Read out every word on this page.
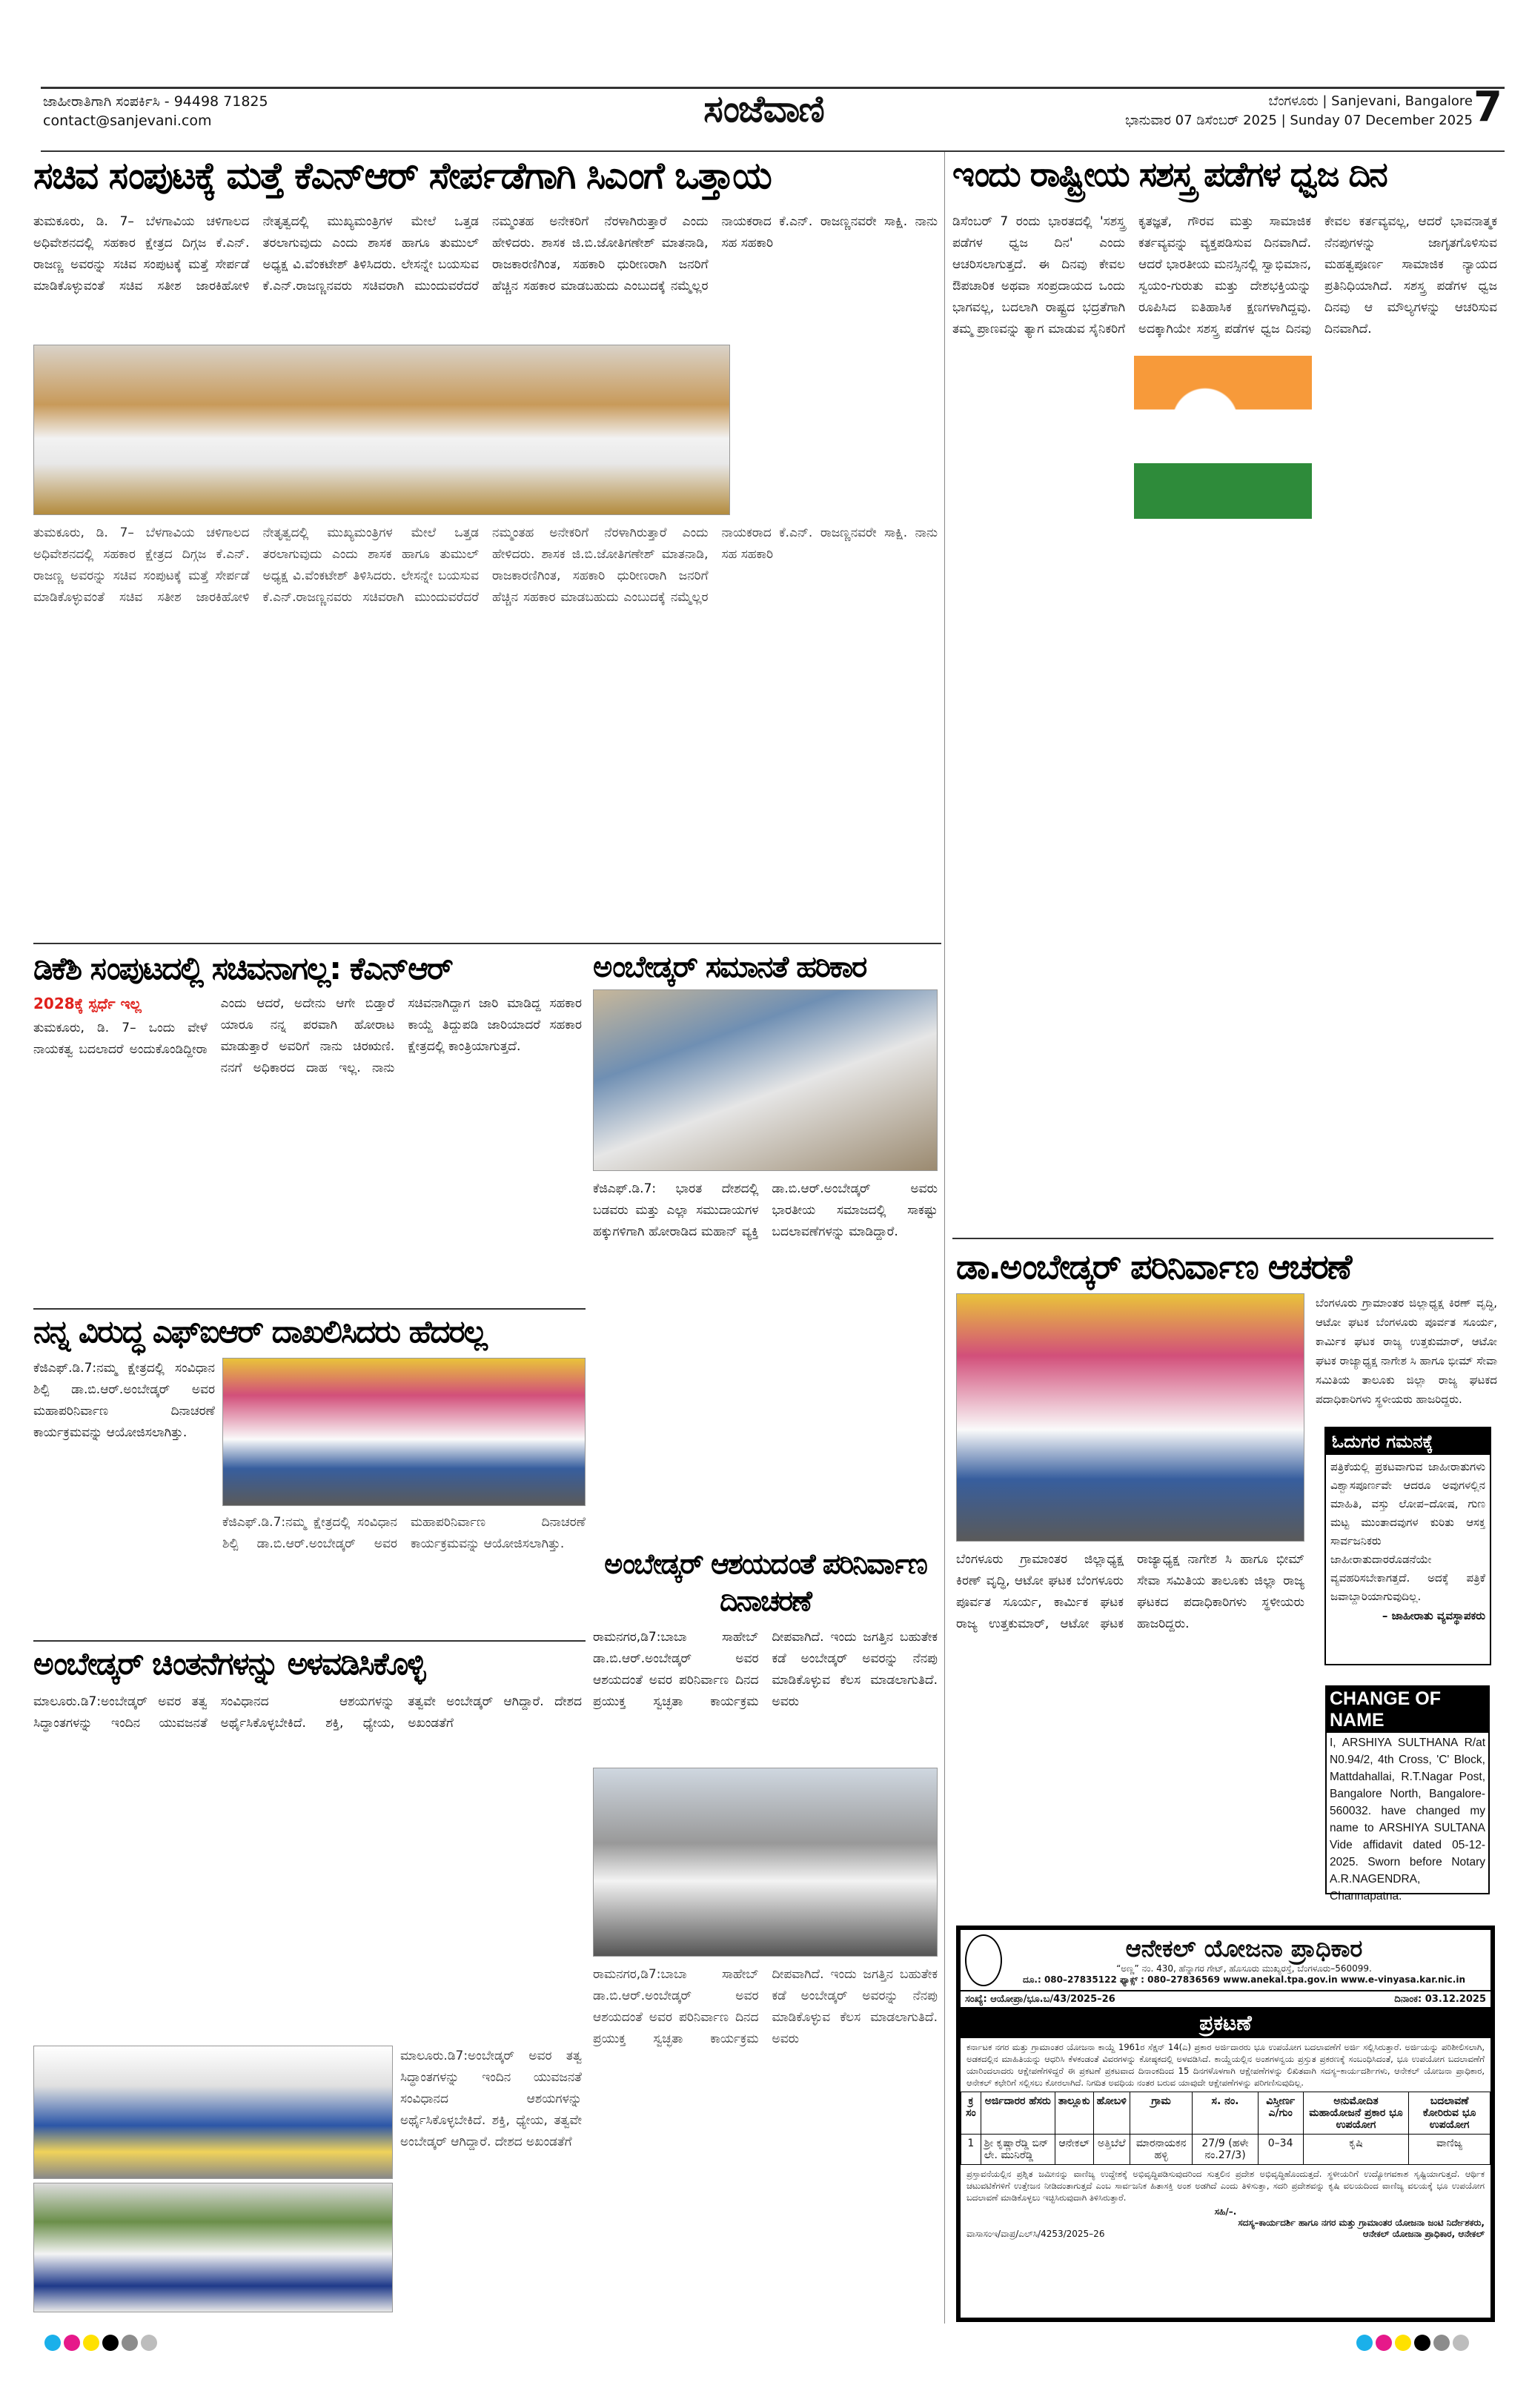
ಜಾಹೀರಾತಿಗಾಗಿ ಸಂಪರ್ಕಿಸಿ - 94498 71825
contact@sanjevani.com	ಸಂಜೆವಾಣಿ	ಬೆಂಗಳೂರು | Sanjevani, Bangalore
ಭಾನುವಾರ 07 ಡಿಸೆಂಬರ್ 2025 | Sunday 07 December 2025 7
ಸಚಿವ ಸಂಪುಟಕ್ಕೆ ಮತ್ತೆ ಕೆಎನ್‌ಆರ್ ಸೇರ್ಪಡೆಗಾಗಿ ಸಿಎಂಗೆ ಒತ್ತಾಯ
ತುಮಕೂರು, ಡಿ. 7– ಬೆಳಗಾವಿಯ ಚಳಿಗಾಲದ ಅಧಿವೇಶನದಲ್ಲಿ ಸಹಕಾರ ಕ್ಷೇತ್ರದ ದಿಗ್ಗಜ ಕೆ.ಎನ್. ರಾಜಣ್ಣ ಅವರನ್ನು ಸಚಿವ ಸಂಪುಟಕ್ಕೆ ಮತ್ತೆ ಸೇರ್ಪಡೆ ಮಾಡಿಕೊಳ್ಳುವಂತೆ ಸಚಿವ ಸತೀಶ ಜಾರಕಿಹೋಳಿ ನೇತೃತ್ವದಲ್ಲಿ ಮುಖ್ಯಮಂತ್ರಿಗಳ ಮೇಲೆ ಒತ್ತಡ ತರಲಾಗುವುದು ಎಂದು ಶಾಸಕ ಹಾಗೂ ತುಮುಲ್ ಅಧ್ಯಕ್ಷ ವಿ.ವೆಂಕಟೇಶ್ ತಿಳಿಸಿದರು. ಲೇಸನ್ನೇ ಬಯಸುವ ಕೆ.ಎನ್.ರಾಜಣ್ಣನವರು ಸಚಿವರಾಗಿ ಮುಂದುವರೆದರೆ ನಮ್ಮಂತಹ ಅನೇಕರಿಗೆ ನೆರಳಾಗಿರುತ್ತಾರೆ ಎಂದು ಹೇಳಿದರು. ಶಾಸಕ ಜಿ.ಬಿ.ಜೋತಿಗಣೇಶ್ ಮಾತನಾಡಿ, ರಾಜಕಾರಣಿಗಿಂತ, ಸಹಕಾರಿ ಧುರೀಣರಾಗಿ ಜನರಿಗೆ ಹೆಚ್ಚಿನ ಸಹಕಾರ ಮಾಡಬಹುದು ಎಂಬುದಕ್ಕೆ ನಮ್ಮೆಲ್ಲರ ನಾಯಕರಾದ ಕೆ.ಎನ್. ರಾಜಣ್ಣನವರೇ ಸಾಕ್ಷಿ. ನಾನು ಸಹ ಸಹಕಾರಿ
ತುಮಕೂರು, ಡಿ. 7– ಬೆಳಗಾವಿಯ ಚಳಿಗಾಲದ ಅಧಿವೇಶನದಲ್ಲಿ ಸಹಕಾರ ಕ್ಷೇತ್ರದ ದಿಗ್ಗಜ ಕೆ.ಎನ್. ರಾಜಣ್ಣ ಅವರನ್ನು ಸಚಿವ ಸಂಪುಟಕ್ಕೆ ಮತ್ತೆ ಸೇರ್ಪಡೆ ಮಾಡಿಕೊಳ್ಳುವಂತೆ ಸಚಿವ ಸತೀಶ ಜಾರಕಿಹೋಳಿ ನೇತೃತ್ವದಲ್ಲಿ ಮುಖ್ಯಮಂತ್ರಿಗಳ ಮೇಲೆ ಒತ್ತಡ ತರಲಾಗುವುದು ಎಂದು ಶಾಸಕ ಹಾಗೂ ತುಮುಲ್ ಅಧ್ಯಕ್ಷ ವಿ.ವೆಂಕಟೇಶ್ ತಿಳಿಸಿದರು. ಲೇಸನ್ನೇ ಬಯಸುವ ಕೆ.ಎನ್.ರಾಜಣ್ಣನವರು ಸಚಿವರಾಗಿ ಮುಂದುವರೆದರೆ ನಮ್ಮಂತಹ ಅನೇಕರಿಗೆ ನೆರಳಾಗಿರುತ್ತಾರೆ ಎಂದು ಹೇಳಿದರು. ಶಾಸಕ ಜಿ.ಬಿ.ಜೋತಿಗಣೇಶ್ ಮಾತನಾಡಿ, ರಾಜಕಾರಣಿಗಿಂತ, ಸಹಕಾರಿ ಧುರೀಣರಾಗಿ ಜನರಿಗೆ ಹೆಚ್ಚಿನ ಸಹಕಾರ ಮಾಡಬಹುದು ಎಂಬುದಕ್ಕೆ ನಮ್ಮೆಲ್ಲರ ನಾಯಕರಾದ ಕೆ.ಎನ್. ರಾಜಣ್ಣನವರೇ ಸಾಕ್ಷಿ. ನಾನು ಸಹ ಸಹಕಾರಿ
ಡಿಕೆಶಿ ಸಂಪುಟದಲ್ಲಿ ಸಚಿವನಾಗಲ್ಲ: ಕೆಎನ್‌ಆರ್
2028ಕ್ಕೆ ಸ್ಪರ್ಧೆ ಇಲ್ಲ
ತುಮಕೂರು, ಡಿ. 7– ಒಂದು ವೇಳೆ ನಾಯಕತ್ವ ಬದಲಾದರೆ ಅಂದುಕೊಂಡಿದ್ದೀರಾ ಎಂದು ಆದರೆ, ಅದೇನು ಆಗೇ ಬಿಡ್ತಾರೆ ಯಾರೂ ನನ್ನ ಪರವಾಗಿ ಹೋರಾಟ ಮಾಡುತ್ತಾರೆ ಅವರಿಗೆ ನಾನು ಚಿರಋಣಿ. ನನಗೆ ಅಧಿಕಾರದ ದಾಹ ಇಲ್ಲ. ನಾನು ಸಚಿವನಾಗಿದ್ದಾಗ ಜಾರಿ ಮಾಡಿದ್ದ ಸಹಕಾರ ಕಾಯ್ದೆ ತಿದ್ದುಪಡಿ ಜಾರಿಯಾದರೆ ಸಹಕಾರ ಕ್ಷೇತ್ರದಲ್ಲಿ ಕಾಂತ್ರಿಯಾಗುತ್ತದೆ.
ನನ್ನ ವಿರುದ್ಧ ಎಫ್‌ಐಆರ್ ದಾಖಲಿಸಿದರು ಹೆದರಲ್ಲ
ಕೆಜಿಎಫ್.ಡಿ.7:ನಮ್ಮ ಕ್ಷೇತ್ರದಲ್ಲಿ ಸಂವಿಧಾನ ಶಿಲ್ಪಿ ಡಾ.ಬಿ.ಆರ್.ಅಂಬೇಡ್ಕರ್ ಅವರ ಮಹಾಪರಿನಿರ್ವಾಣ ದಿನಾಚರಣೆ ಕಾರ್ಯಕ್ರಮವನ್ನು ಆಯೋಜಿಸಲಾಗಿತ್ತು.
ಕೆಜಿಎಫ್.ಡಿ.7:ನಮ್ಮ ಕ್ಷೇತ್ರದಲ್ಲಿ ಸಂವಿಧಾನ ಶಿಲ್ಪಿ ಡಾ.ಬಿ.ಆರ್.ಅಂಬೇಡ್ಕರ್ ಅವರ ಮಹಾಪರಿನಿರ್ವಾಣ ದಿನಾಚರಣೆ ಕಾರ್ಯಕ್ರಮವನ್ನು ಆಯೋಜಿಸಲಾಗಿತ್ತು.
ಅಂಬೇಡ್ಕರ್ ಚಿಂತನೆಗಳನ್ನು ಅಳವಡಿಸಿಕೊಳ್ಳಿ
ಮಾಲೂರು.ಡಿ7:ಅಂಬೇಡ್ಕರ್ ಅವರ ತತ್ವ ಸಿದ್ಧಾಂತಗಳನ್ನು ಇಂದಿನ ಯುವಜನತೆ ಸಂವಿಧಾನದ ಆಶಯಗಳನ್ನು ಅರ್ಥೈಸಿಕೊಳ್ಳಬೇಕಿದೆ. ಶಕ್ತಿ, ಧ್ಯೇಯ, ತತ್ವವೇ ಅಂಬೇಡ್ಕರ್ ಆಗಿದ್ದಾರೆ. ದೇಶದ ಅಖಂಡತೆಗೆ
ಮಾಲೂರು.ಡಿ7:ಅಂಬೇಡ್ಕರ್ ಅವರ ತತ್ವ ಸಿದ್ಧಾಂತಗಳನ್ನು ಇಂದಿನ ಯುವಜನತೆ ಸಂವಿಧಾನದ ಆಶಯಗಳನ್ನು ಅರ್ಥೈಸಿಕೊಳ್ಳಬೇಕಿದೆ. ಶಕ್ತಿ, ಧ್ಯೇಯ, ತತ್ವವೇ ಅಂಬೇಡ್ಕರ್ ಆಗಿದ್ದಾರೆ. ದೇಶದ ಅಖಂಡತೆಗೆ
ಅಂಬೇಡ್ಕರ್ ಸಮಾನತೆ ಹರಿಕಾರ
ಕೆಜಿಎಫ್.ಡಿ.7: ಭಾರತ ದೇಶದಲ್ಲಿ ಬಡವರು ಮತ್ತು ಎಲ್ಲಾ ಸಮುದಾಯಗಳ ಹಕ್ಕುಗಳಿಗಾಗಿ ಹೋರಾಡಿದ ಮಹಾನ್ ವ್ಯಕ್ತಿ ಡಾ.ಬಿ.ಆರ್.ಅಂಬೇಡ್ಕರ್ ಅವರು ಭಾರತೀಯ ಸಮಾಜದಲ್ಲಿ ಸಾಕಷ್ಟು ಬದಲಾವಣೆಗಳನ್ನು ಮಾಡಿದ್ದಾರೆ.
ಅಂಬೇಡ್ಕರ್ ಆಶಯದಂತೆ ಪರಿನಿರ್ವಾಣ ದಿನಾಚರಣೆ
ರಾಮನಗರ,ಡಿ7:ಬಾಬಾ ಸಾಹೇಬ್ ಡಾ.ಬಿ.ಆರ್.ಅಂಬೇಡ್ಕರ್ ಅವರ ಆಶಯದಂತೆ ಅವರ ಪರಿನಿರ್ವಾಣ ದಿನದ ಪ್ರಯುಕ್ತ ಸ್ವಚ್ಛತಾ ಕಾರ್ಯಕ್ರಮ ದೀಪವಾಗಿದೆ. ಇಂದು ಜಗತ್ತಿನ ಬಹುತೇಕ ಕಡೆ ಅಂಬೇಡ್ಕರ್ ಅವರನ್ನು ನೆನಪು ಮಾಡಿಕೊಳ್ಳುವ ಕೆಲಸ ಮಾಡಲಾಗುತಿದೆ. ಅವರು
ರಾಮನಗರ,ಡಿ7:ಬಾಬಾ ಸಾಹೇಬ್ ಡಾ.ಬಿ.ಆರ್.ಅಂಬೇಡ್ಕರ್ ಅವರ ಆಶಯದಂತೆ ಅವರ ಪರಿನಿರ್ವಾಣ ದಿನದ ಪ್ರಯುಕ್ತ ಸ್ವಚ್ಛತಾ ಕಾರ್ಯಕ್ರಮ ದೀಪವಾಗಿದೆ. ಇಂದು ಜಗತ್ತಿನ ಬಹುತೇಕ ಕಡೆ ಅಂಬೇಡ್ಕರ್ ಅವರನ್ನು ನೆನಪು ಮಾಡಿಕೊಳ್ಳುವ ಕೆಲಸ ಮಾಡಲಾಗುತಿದೆ. ಅವರು
ಇಂದು ರಾಷ್ಟ್ರೀಯ ಸಶಸ್ತ್ರ ಪಡೆಗಳ ಧ್ವಜ ದಿನ
ಡಿಸೆಂಬರ್ 7 ರಂದು ಭಾರತದಲ್ಲಿ 'ಸಶಸ್ತ್ರ ಪಡೆಗಳ ಧ್ವಜ ದಿನ' ಎಂದು ಆಚರಿಸಲಾಗುತ್ತದೆ. ಈ ದಿನವು ಕೇವಲ ಔಪಚಾರಿಕ ಅಥವಾ ಸಂಪ್ರದಾಯದ ಒಂದು ಭಾಗವಲ್ಲ, ಬದಲಾಗಿ ರಾಷ್ಟ್ರದ ಭದ್ರತೆಗಾಗಿ ತಮ್ಮ ಪ್ರಾಣವನ್ನು ತ್ಯಾಗ ಮಾಡುವ ಸೈನಿಕರಿಗೆ ಕೃತಜ್ಞತೆ, ಗೌರವ ಮತ್ತು ಸಾಮಾಜಿಕ ಕರ್ತವ್ಯವನ್ನು ವ್ಯಕ್ತಪಡಿಸುವ ದಿನವಾಗಿದೆ. ಆದರೆ ಭಾರತೀಯ ಮನಸ್ಸಿನಲ್ಲಿ ಸ್ವಾಭಿಮಾನ, ಸ್ವಯಂ-ಗುರುತು ಮತ್ತು ದೇಶಭಕ್ತಿಯನ್ನು ರೂಪಿಸಿದ ಐತಿಹಾಸಿಕ ಕ್ಷಣಗಳಾಗಿದ್ದವು. ಅದಕ್ಕಾಗಿಯೇ ಸಶಸ್ತ್ರ ಪಡೆಗಳ ಧ್ವಜ ದಿನವು ಕೇವಲ ಕರ್ತವ್ಯವಲ್ಲ, ಆದರೆ ಭಾವನಾತ್ಮಕ ನೆನಪುಗಳನ್ನು ಜಾಗೃತಗೊಳಿಸುವ ಮಹತ್ವಪೂರ್ಣ ಸಾಮಾಜಿಕ ನ್ಯಾಯದ ಪ್ರತಿನಿಧಿಯಾಗಿದೆ. ಸಶಸ್ತ್ರ ಪಡೆಗಳ ಧ್ವಜ ದಿನವು ಆ ಮೌಲ್ಯಗಳನ್ನು ಆಚರಿಸುವ ದಿನವಾಗಿದೆ.
ಡಾ.ಅಂಬೇಡ್ಕರ್ ಪರಿನಿರ್ವಾಣ ಆಚರಣೆ
ಬೆಂಗಳೂರು ಗ್ರಾಮಾಂತರ ಜಿಲ್ಲಾಧ್ಯಕ್ಷ ಕಿರಣ್ ವೃದ್ಧಿ, ಆಟೋ ಘಟಕ ಬೆಂಗಳೂರು ಪೂರ್ವತ ಸೂರ್ಯ, ಕಾರ್ಮಿಕ ಘಟಕ ರಾಜ್ಯ ಉತ್ತಕುಮಾರ್, ಆಟೋ ಘಟಕ ರಾಜ್ಯಾಧ್ಯಕ್ಷ ನಾಗೇಶ ಸಿ ಹಾಗೂ ಭೀಮ್ ಸೇವಾ ಸಮಿತಿಯ ತಾಲೂಕು ಜಿಲ್ಲಾ ರಾಜ್ಯ ಘಟಕದ ಪದಾಧಿಕಾರಿಗಳು ಸ್ಥಳೀಯರು ಹಾಜರಿದ್ದರು.
ಬೆಂಗಳೂರು ಗ್ರಾಮಾಂತರ ಜಿಲ್ಲಾಧ್ಯಕ್ಷ ಕಿರಣ್ ವೃದ್ಧಿ, ಆಟೋ ಘಟಕ ಬೆಂಗಳೂರು ಪೂರ್ವತ ಸೂರ್ಯ, ಕಾರ್ಮಿಕ ಘಟಕ ರಾಜ್ಯ ಉತ್ತಕುಮಾರ್, ಆಟೋ ಘಟಕ ರಾಜ್ಯಾಧ್ಯಕ್ಷ ನಾಗೇಶ ಸಿ ಹಾಗೂ ಭೀಮ್ ಸೇವಾ ಸಮಿತಿಯ ತಾಲೂಕು ಜಿಲ್ಲಾ ರಾಜ್ಯ ಘಟಕದ ಪದಾಧಿಕಾರಿಗಳು ಸ್ಥಳೀಯರು ಹಾಜರಿದ್ದರು.
ಓದುಗರ ಗಮನಕ್ಕೆ
ಪತ್ರಿಕೆಯಲ್ಲಿ ಪ್ರಕಟವಾಗುವ ಜಾಹೀರಾತುಗಳು ವಿಶ್ವಾಸಪೂರ್ಣವೇ ಆದರೂ ಅವುಗಳಲ್ಲಿನ ಮಾಹಿತಿ, ವಸ್ತು ಲೋಪ–ದೋಷ, ಗುಣ ಮಟ್ಟ ಮುಂತಾದವುಗಳ ಕುರಿತು ಆಸಕ್ತ ಸಾರ್ವಜನಿಕರು ಜಾಹೀರಾತುದಾರರೊಡನೆಯೇ ವ್ಯವಹರಿಸಬೇಕಾಗತ್ತದೆ. ಅದಕ್ಕೆ ಪತ್ರಿಕೆ ಜವಾಬ್ದಾರಿಯಾಗುವುದಿಲ್ಲ.
– ಜಾಹೀರಾತು ವ್ಯವಸ್ಥಾಪಕರು
CHANGE OF NAME
I, ARSHIYA SULTHANA R/at N0.94/2, 4th Cross, 'C' Block, Mattdahallai, R.T.Nagar Post, Bangalore North, Bangalore-560032. have changed my name to ARSHIYA SULTANA Vide affidavit dated 05-12-2025. Sworn before Notary A.R.NAGENDRA, Channapatna.
ಆನೇಕಲ್ ಯೋಜನಾ ಪ್ರಾಧಿಕಾರ
“ಅಣ್ಣ” ನಂ. 430, ಹೆನ್ನಾಗರ ಗೇಟ್, ಹೊಸೂರು ಮುಖ್ಯರಸ್ತೆ, ಬೆಂಗಳೂರು–560099.
ದೂ.: 080–27835122 ಫ್ಯಾಕ್ಸ್ : 080–27836569 www.anekal.tpa.gov.in www.e-vinyasa.kar.nic.in
ಸಂಖ್ಯೆ: ಆಯೋಪ್ರಾ/ಭೂ.ಬ/43/2025–26	ದಿನಾಂಕ: 03.12.2025
ಪ್ರಕಟಣೆ
ಕರ್ನಾಟಕ ನಗರ ಮತ್ತು ಗ್ರಾಮಾಂತರ ಯೋಜನಾ ಕಾಯ್ದೆ 1961ರ ಸೆಕ್ಷನ್ 14(ಎ) ಪ್ರಕಾರ ಅರ್ಜಿದಾರರು ಭೂ ಉಪಯೋಗ ಬದಲಾವಣೆಗೆ ಅರ್ಜಿ ಸಲ್ಲಿಸಿರುತ್ತಾರೆ. ಅರ್ಜಿಯನ್ನು ಪರಿಶೀಲಿಸಲಾಗಿ, ಅಡಕದಲ್ಲಿನ ಮಾಹಿತಿಯನ್ನು ಆಧರಿಸಿ ಕೆಳಕಂಡಂತೆ ವಿವರಗಳನ್ನು ಕೋಷ್ಠಕದಲ್ಲಿ ಅಳವಡಿಸಿದೆ. ಕಾಯ್ದೆಯಲ್ಲಿನ ಅಂಶಗಳನ್ವಯ ಪ್ರಸ್ತುತ ಪ್ರಕರಣಕ್ಕೆ ಸಂಬಂಧಿಸಿದಂತೆ, ಭೂ ಉಪಯೋಗ ಬದಲಾವಣೆಗೆ ಯಾರಿಂದಲಾದರು ಆಕ್ಷೇಪಣೆಗಳಿದ್ದರೆ ಈ ಪ್ರಕಟಣೆ ಪ್ರಕಟವಾದ ದಿನಾಂಕದಿಂದ 15 ದಿನಗಳೊಳಗಾಗಿ ಆಕ್ಷೇಪಣೆಗಳನ್ನು ಲಿಖಿತವಾಗಿ ಸದಸ್ಯ–ಕಾರ್ಯದರ್ಶಿಗಳು, ಆನೇಕಲ್ ಯೋಜನಾ ಪ್ರಾಧಿಕಾರ, ಆನೇಕಲ್ ಕಛೇರಿಗೆ ಸಲ್ಲಿಸಲು ಕೋರಲಾಗಿದೆ. ನಿಗದಿತ ಅವಧಿಯ ನಂತರ ಬರುವ ಯಾವುದೇ ಆಕ್ಷೇಪಣೆಗಳನ್ನು ಪರಿಗಣಿಸುವುದಿಲ್ಲ.
ಕ್ರ ಸಂ	ಅರ್ಜಿದಾರರ ಹೆಸರು	ತಾಲ್ಲೂಕು	ಹೋಬಳಿ	ಗ್ರಾಮ	ಸ. ನಂ.	ವಿಸ್ತೀರ್ಣ ಎ/ಗುಂ	ಅನುಮೋದಿತ ಮಹಾಯೋಜನೆ ಪ್ರಕಾರ ಭೂ ಉಪಯೋಗ	ಬದಲಾವಣೆ ಕೋರಿರುವ ಭೂ ಉಪಯೋಗ
1	ಶ್ರೀ ಕೃಷ್ಣಾರೆಡ್ಡಿ ಬಿನ್ ಲೇ. ಮುನಿರೆಡ್ಡಿ	ಆನೇಕಲ್	ಅತ್ತಿಬೆಲೆ	ಮಾರನಾಯಕನ ಹಳ್ಳಿ	27/9 (ಹಳೇ ನಂ.27/3)	0–34	ಕೃಷಿ	ವಾಣಿಜ್ಯ
ಪ್ರಸ್ತಾವನೆಯಲ್ಲಿನ ಪ್ರಶ್ನಿತ ಜಮೀನನ್ನು ವಾಣಿಜ್ಯ ಉದ್ದೇಶಕ್ಕೆ ಅಭಿವೃದ್ಧಿಪಡಿಸುವುದರಿಂದ ಸುತ್ತಲಿನ ಪ್ರದೇಶ ಅಭಿವೃದ್ಧಿಹೊಂದುತ್ತದೆ. ಸ್ಥಳೀಯರಿಗೆ ಉದ್ಯೋಗವಕಾಶ ಸೃಷ್ಟಿಯಾಗುತ್ತದೆ. ಆರ್ಥಿಕ ಚಟುವಟಿಕೆಗಳಿಗೆ ಉತ್ತೇಜನ ನೀಡಿದಂತಾಗುತ್ತದೆ ಎಂಬ ಸಾರ್ವಜನಿಕ ಹಿತಾಸಕ್ತಿ ಅಂಶ ಅಡಗಿದೆ ಎಂದು ತಿಳಿಸುತ್ತಾ, ಸದರಿ ಪ್ರದೇಶವನ್ನು ಕೃಷಿ ವಲಯದಿಂದ ವಾಣಿಜ್ಯ ವಲಯಕ್ಕೆ ಭೂ ಉಪಯೋಗ ಬದಲಾವಣೆ ಮಾಡಿಕೊಳ್ಳಲು ಇಚ್ಛಿಸಿರುವುದಾಗಿ ತಿಳಿಸಿರುತ್ತಾರೆ.
ಸಹಿ/–.
ಸದಸ್ಯ–ಕಾರ್ಯದರ್ಶಿ ಹಾಗೂ ನಗರ ಮತ್ತು ಗ್ರಾಮಾಂತರ ಯೋಜನಾ ಜಂಟಿ ನಿರ್ದೇಶಕರು,
ವಾಸಾಸಂಇ/ವಾಪ್ರ/ಎಲ್‌ಸಿ/4253/2025–26	ಆನೇಕಲ್ ಯೋಜನಾ ಪ್ರಾಧಿಕಾರ, ಆನೇಕಲ್
